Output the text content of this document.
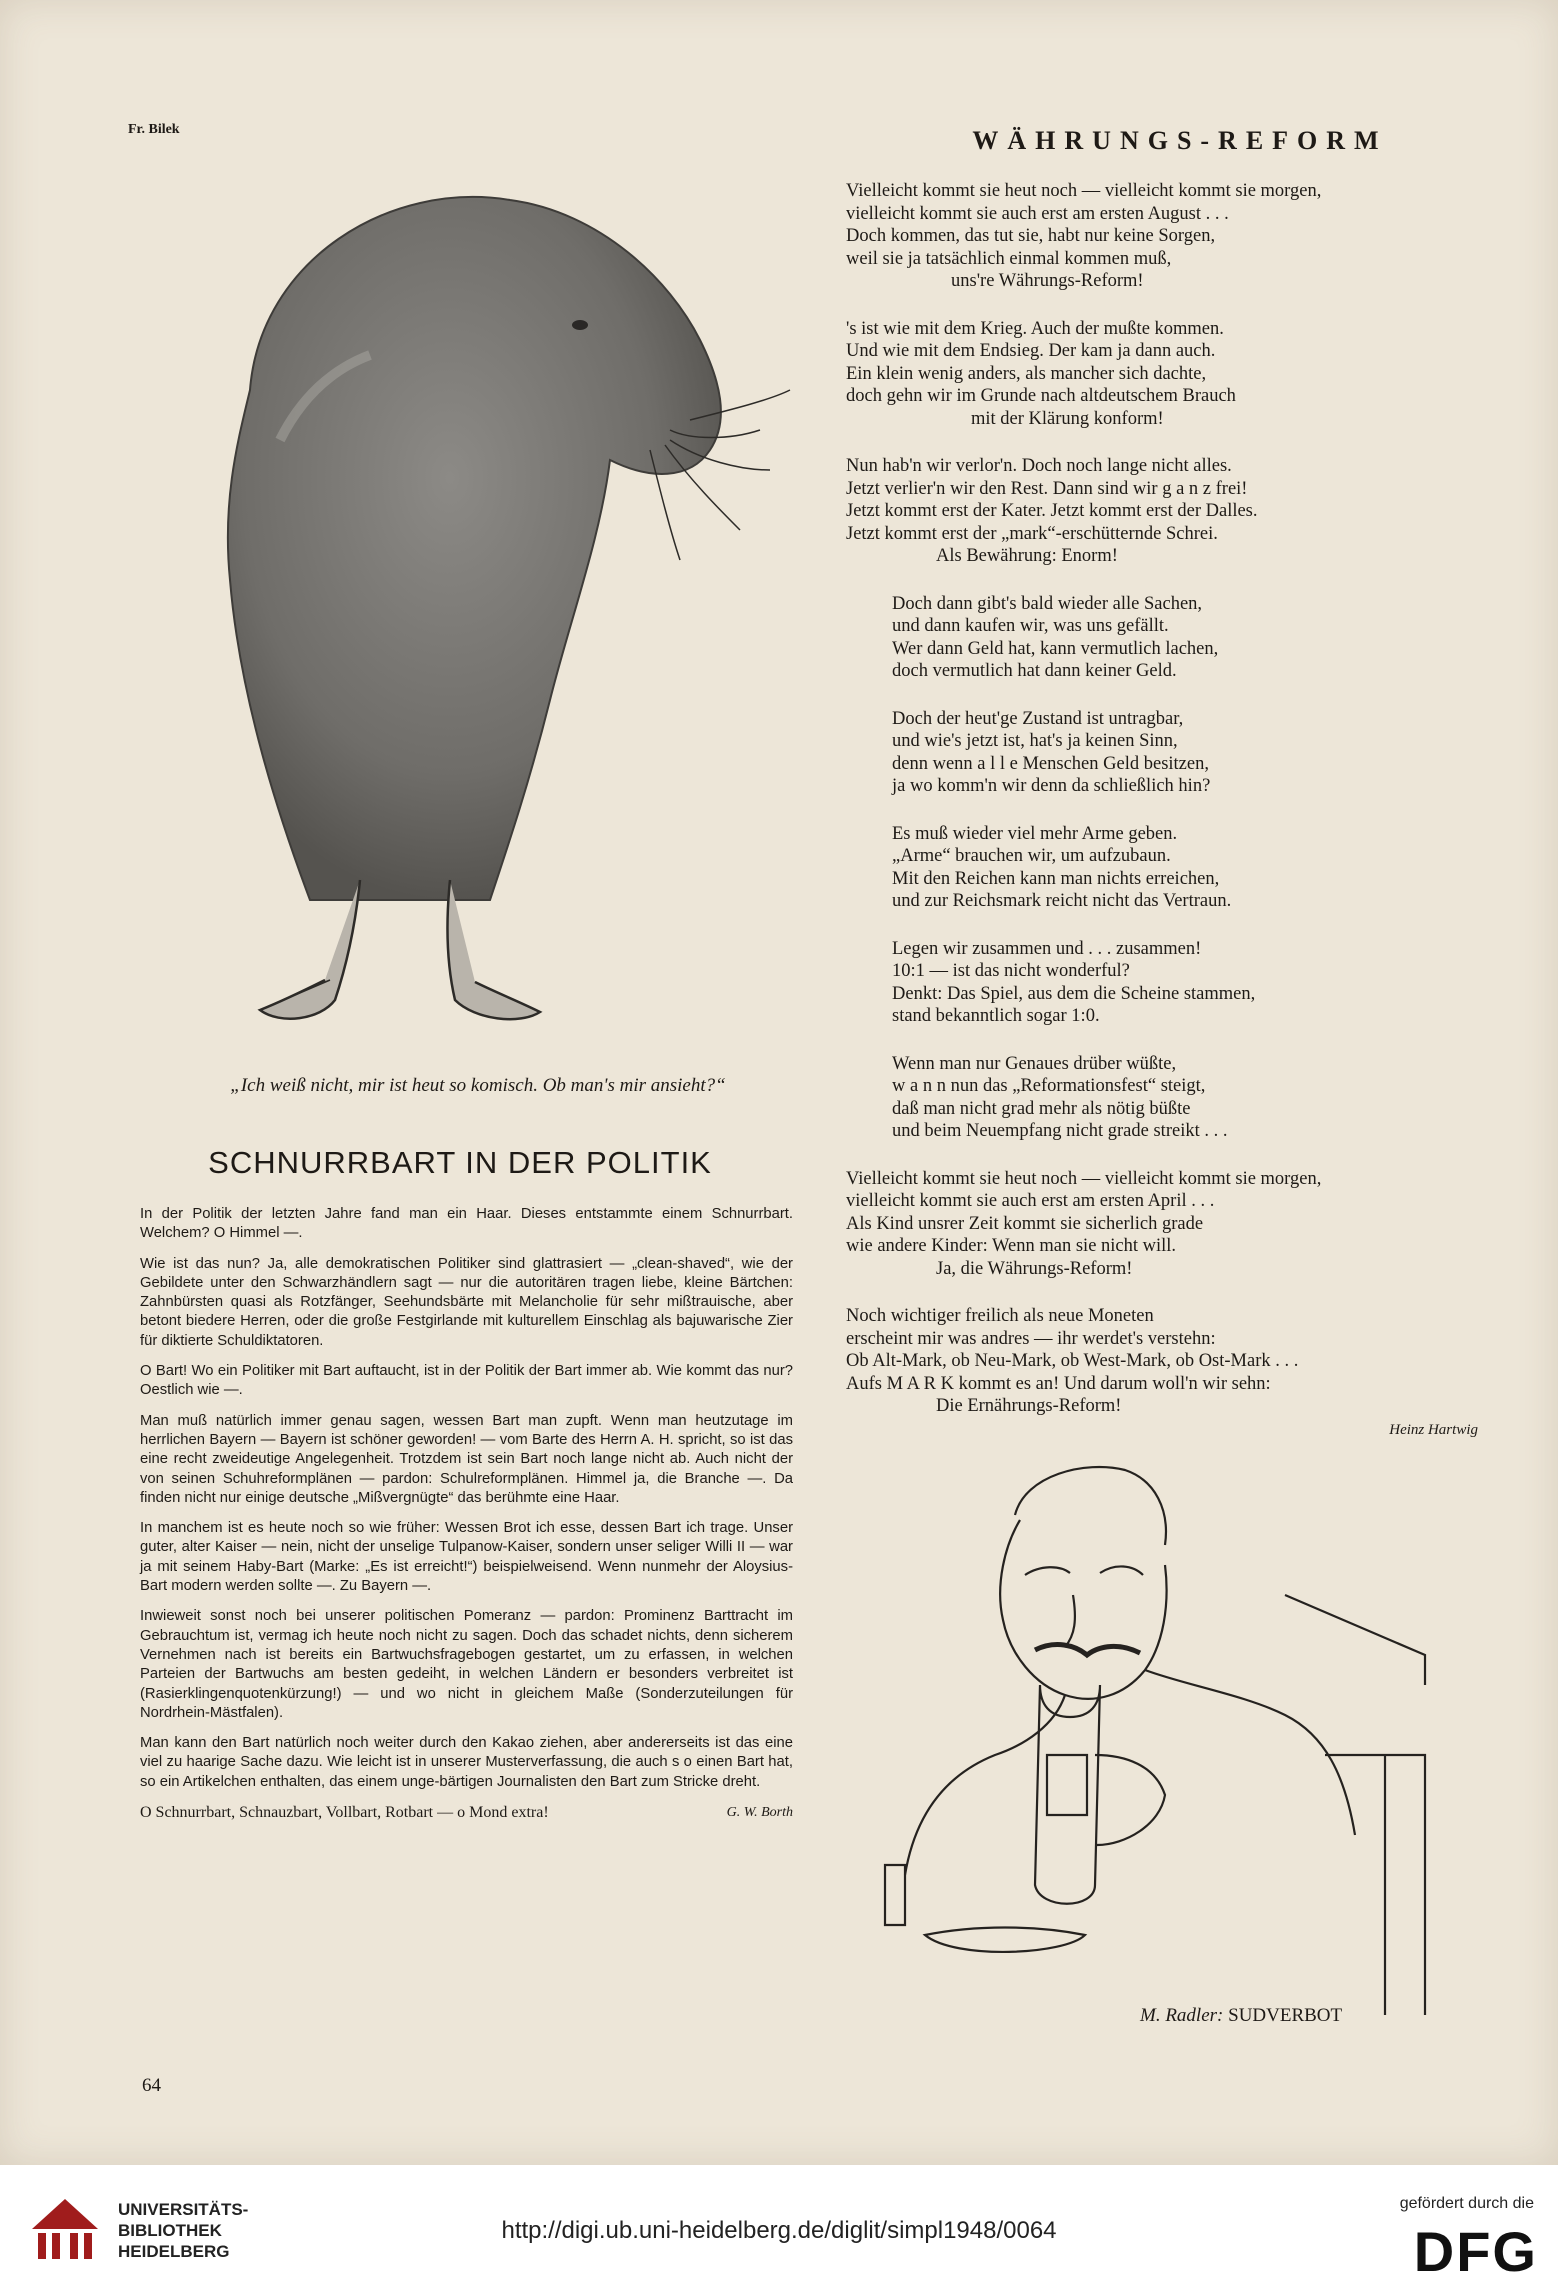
Fr. Bilek
„Ich weiß nicht, mir ist heut so komisch. Ob man's mir ansieht?“
WÄHRUNGS-REFORM
Vielleicht kommt sie heut noch — vielleicht kommt sie morgen,
vielleicht kommt sie auch erst am ersten August . . .
Doch kommen, das tut sie, habt nur keine Sorgen,
weil sie ja tatsächlich einmal kommen muß,
uns're Währungs-Reform!
's ist wie mit dem Krieg. Auch der mußte kommen.
Und wie mit dem Endsieg. Der kam ja dann auch.
Ein klein wenig anders, als mancher sich dachte,
doch gehn wir im Grunde nach altdeutschem Brauch
mit der Klärung konform!
Nun hab'n wir verlor'n. Doch noch lange nicht alles.
Jetzt verlier'n wir den Rest. Dann sind wir g a n z frei!
Jetzt kommt erst der Kater. Jetzt kommt erst der Dalles.
Jetzt kommt erst der „mark“-erschütternde Schrei.
Als Bewährung: Enorm!
Doch dann gibt's bald wieder alle Sachen,
und dann kaufen wir, was uns gefällt.
Wer dann Geld hat, kann vermutlich lachen,
doch vermutlich hat dann keiner Geld.
Doch der heut'ge Zustand ist untragbar,
und wie's jetzt ist, hat's ja keinen Sinn,
denn wenn a l l e Menschen Geld besitzen,
ja wo komm'n wir denn da schließlich hin?
Es muß wieder viel mehr Arme geben.
„Arme“ brauchen wir, um aufzubaun.
Mit den Reichen kann man nichts erreichen,
und zur Reichsmark reicht nicht das Vertraun.
Legen wir zusammen und . . . zusammen!
10:1 — ist das nicht wonderful?
Denkt: Das Spiel, aus dem die Scheine stammen,
stand bekanntlich sogar 1:0.
Wenn man nur Genaues drüber wüßte,
w a n n nun das „Reformationsfest“ steigt,
daß man nicht grad mehr als nötig büßte
und beim Neuempfang nicht grade streikt . . .
Vielleicht kommt sie heut noch — vielleicht kommt sie morgen,
vielleicht kommt sie auch erst am ersten April . . .
Als Kind unsrer Zeit kommt sie sicherlich grade
wie andere Kinder: Wenn man sie nicht will.
Ja, die Währungs-Reform!
Noch wichtiger freilich als neue Moneten
erscheint mir was andres — ihr werdet's verstehn:
Ob Alt-Mark, ob Neu-Mark, ob West-Mark, ob Ost-Mark . . .
Aufs M A R K kommt es an! Und darum woll'n wir sehn:
Die Ernährungs-Reform!
Heinz Hartwig
SCHNURRBART IN DER POLITIK

In der Politik der letzten Jahre fand man ein Haar. Dieses entstammte einem Schnurrbart. Welchem? O Himmel —.

Wie ist das nun? Ja, alle demokratischen Politiker sind glattrasiert — „clean-shaved“, wie der Gebildete unter den Schwarzhändlern sagt — nur die autoritären tragen liebe, kleine Bärtchen: Zahnbürsten quasi als Rotzfänger, Seehundsbärte mit Melancholie für sehr mißtrauische, aber betont biedere Herren, oder die große Festgirlande mit kulturellem Einschlag als bajuwarische Zier für diktierte Schuldiktatoren.

O Bart! Wo ein Politiker mit Bart auftaucht, ist in der Politik der Bart immer ab. Wie kommt das nur? Oestlich wie —.

Man muß natürlich immer genau sagen, wessen Bart man zupft. Wenn man heutzutage im herrlichen Bayern — Bayern ist schöner geworden! — vom Barte des Herrn A. H. spricht, so ist das eine recht zweideutige Angelegenheit. Trotzdem ist sein Bart noch lange nicht ab. Auch nicht der von seinen Schuhreformplänen — pardon: Schulreformplänen. Himmel ja, die Branche —. Da finden nicht nur einige deutsche „Mißvergnügte“ das berühmte eine Haar.

In manchem ist es heute noch so wie früher: Wessen Brot ich esse, dessen Bart ich trage. Unser guter, alter Kaiser — nein, nicht der unselige Tulpanow-Kaiser, sondern unser seliger Willi II — war ja mit seinem Haby-Bart (Marke: „Es ist erreicht!“) beispielweisend. Wenn nunmehr der Aloysius-Bart modern werden sollte —. Zu Bayern —.

Inwieweit sonst noch bei unserer politischen Pomeranz — pardon: Prominenz Barttracht im Gebrauchtum ist, vermag ich heute noch nicht zu sagen. Doch das schadet nichts, denn sicherem Vernehmen nach ist bereits ein Bartwuchsfragebogen gestartet, um zu erfassen, in welchen Parteien der Bartwuchs am besten gedeiht, in welchen Ländern er besonders verbreitet ist (Rasierklingenquotenkürzung!) — und wo nicht in gleichem Maße (Sonderzuteilungen für Nordrhein-Mästfalen).

Man kann den Bart natürlich noch weiter durch den Kakao ziehen, aber andererseits ist das eine viel zu haarige Sache dazu. Wie leicht ist in unserer Musterverfassung, die auch s o einen Bart hat, so ein Artikelchen enthalten, das einem unge-bärtigen Journalisten den Bart zum Stricke dreht.

O Schnurrbart, Schnauzbart, Vollbart, Rotbart — o Mond extra!	G. W. Borth
M. Radler: SUDVERBOT
64
UNIVERSITÄTS-
BIBLIOTHEK
HEIDELBERG
http://digi.ub.uni-heidelberg.de/diglit/simpl1948/0064
gefördert durch die
DFG
